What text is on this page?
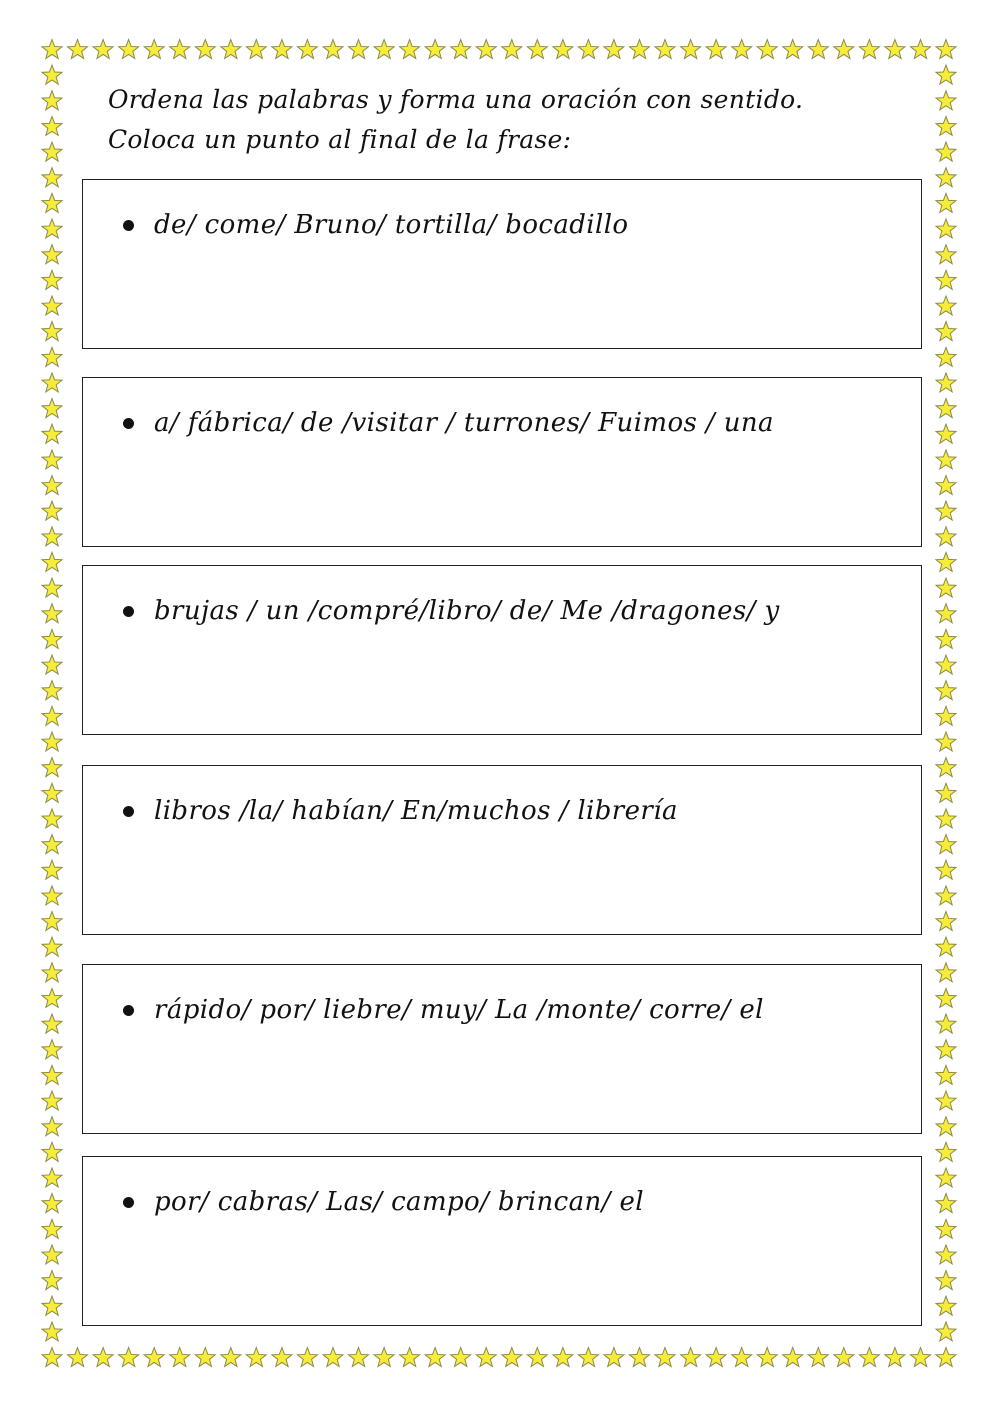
Ordena las palabras y forma una oración con sentido.
Coloca un punto al final de la frase:
de/ come/ Bruno/ tortilla/ bocadillo
a/ fábrica/ de /visitar / turrones/ Fuimos / una
brujas / un /compré/libro/ de/ Me /dragones/ y
libros /la/ habían/ En/muchos / librería
rápido/ por/ liebre/ muy/ La /monte/ corre/ el
por/ cabras/ Las/ campo/ brincan/ el
